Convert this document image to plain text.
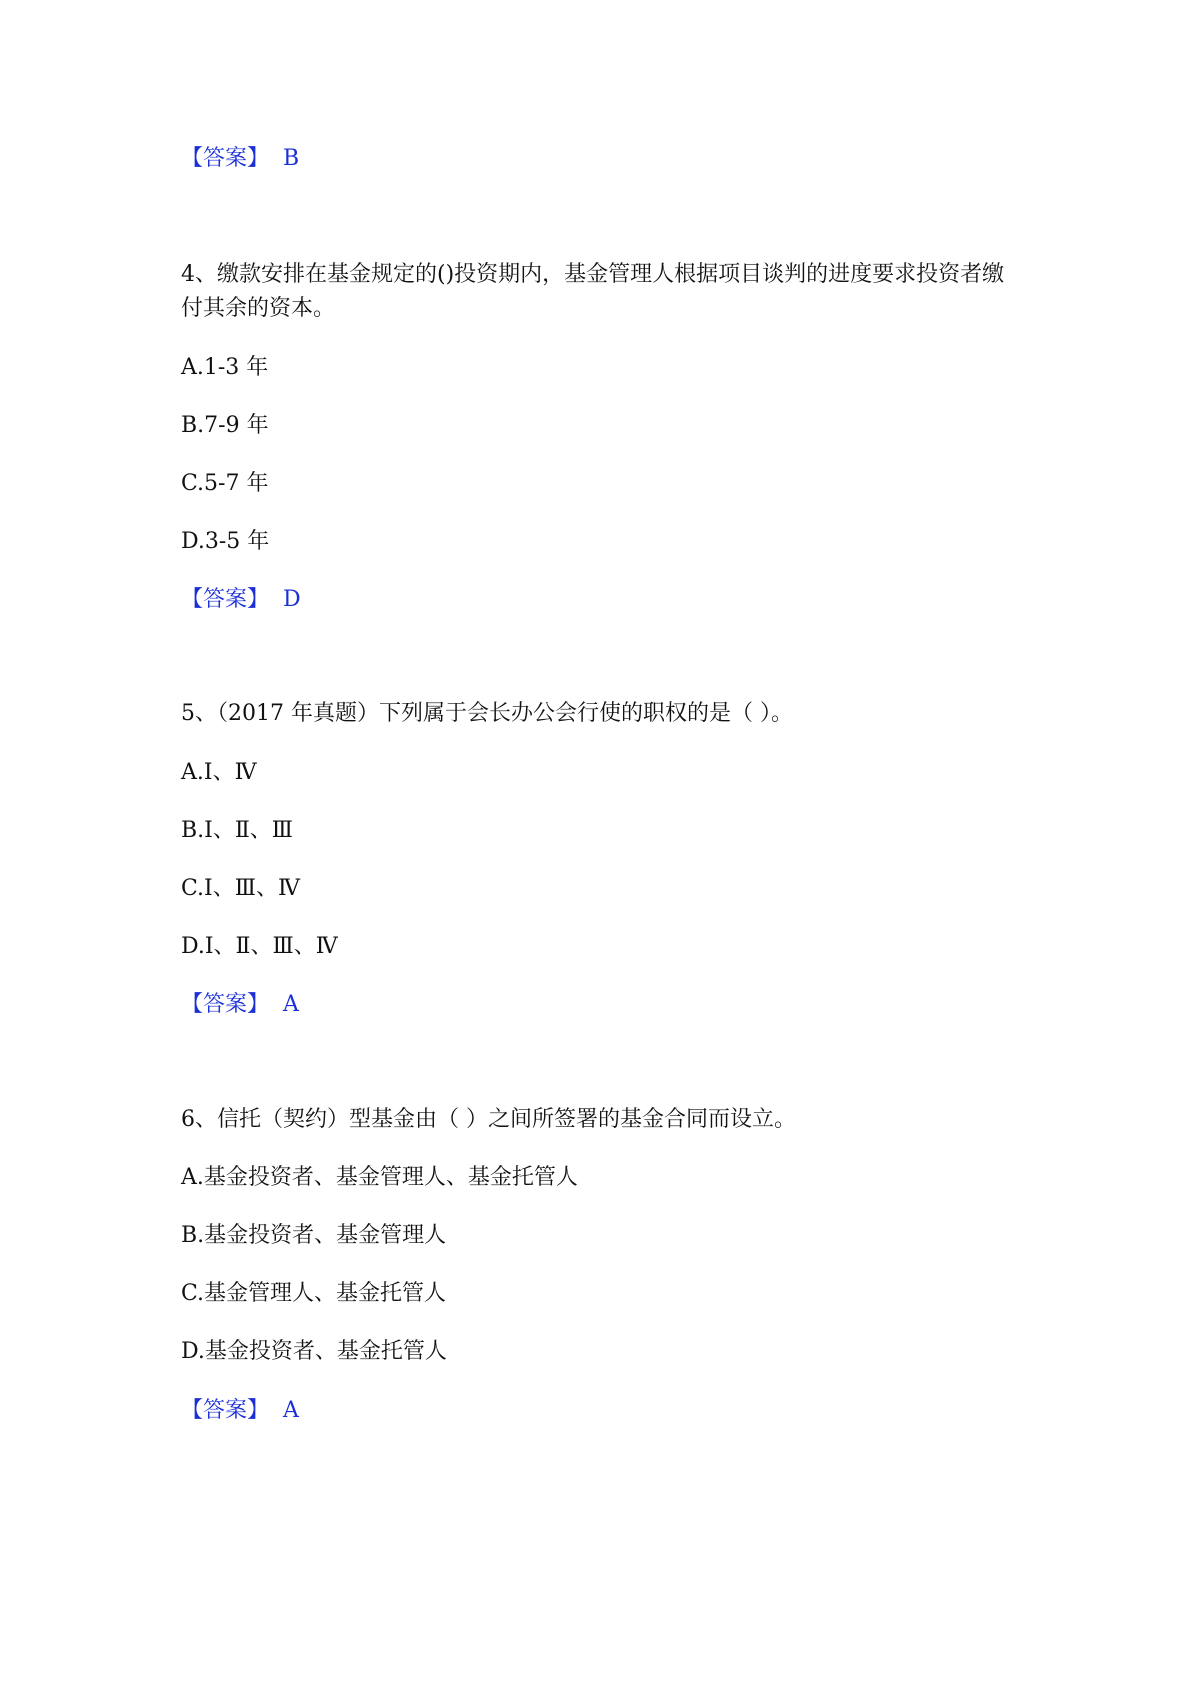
【答案】 B
4、缴款安排在基金规定的()投资期内，基金管理人根据项目谈判的进度要求投资者缴付其余的资本。
A.1-3 年
B.7-9 年
C.5-7 年
D.3-5 年
【答案】 D
5、（2017 年真题）下列属于会长办公会行使的职权的是（ ）。
A.Ⅰ、Ⅳ
B.Ⅰ、Ⅱ、Ⅲ
C.Ⅰ、Ⅲ、Ⅳ
D.Ⅰ、Ⅱ、Ⅲ、Ⅳ
【答案】 A
6、信托（契约）型基金由（ ）之间所签署的基金合同而设立。
A.基金投资者、基金管理人、基金托管人
B.基金投资者、基金管理人
C.基金管理人、基金托管人
D.基金投资者、基金托管人
【答案】 A
